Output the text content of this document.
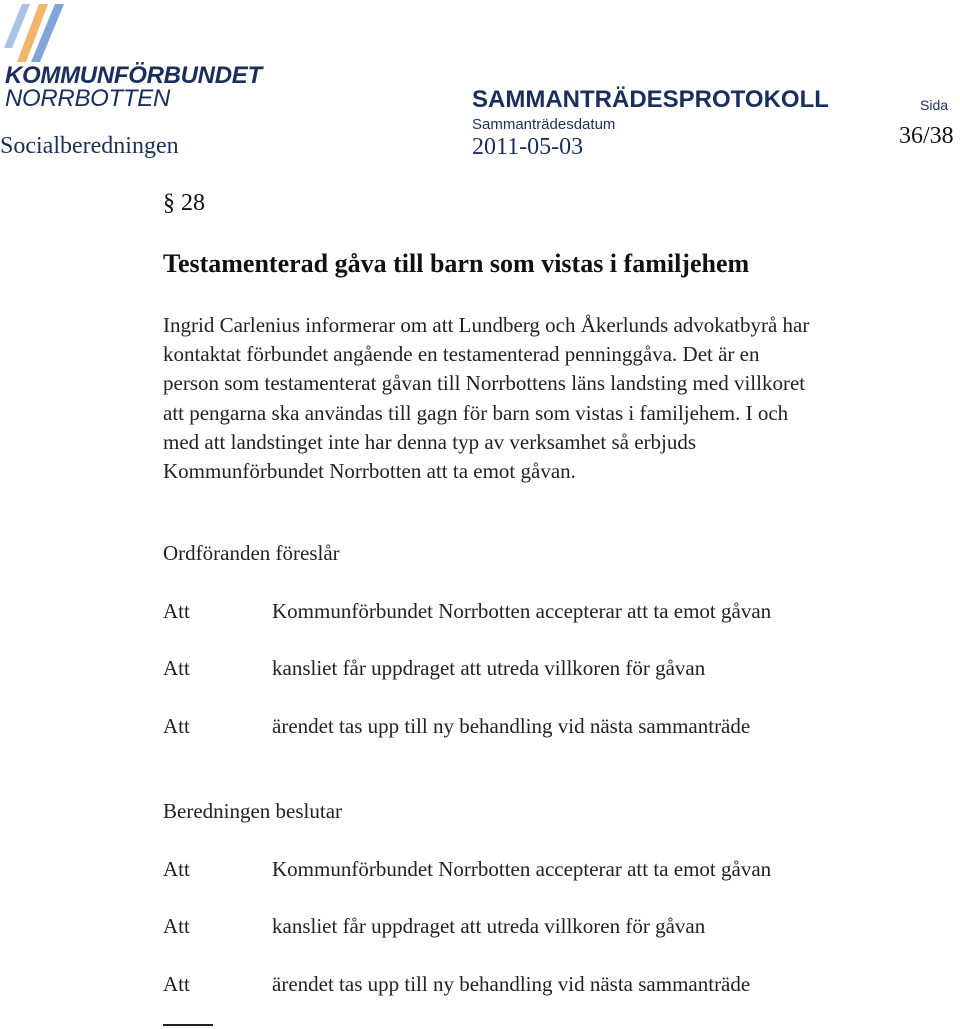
KOMMUNFÖRBUNDET
NORRBOTTEN	SAMMANTRÄDESPROTOKOLL	Sida
Sammanträdesdatum
Socialberedningen	2011-05-03	36/38
§ 28
Testamenterad gåva till barn som vistas i familjehem
Ingrid Carlenius informerar om att Lundberg och Åkerlunds advokatbyrå har
kontaktat förbundet angående en testamenterad penninggåva. Det är en
person som testamenterat gåvan till Norrbottens läns landsting med villkoret
att pengarna ska användas till gagn för barn som vistas i familjehem. I och
med att landstinget inte har denna typ av verksamhet så erbjuds
Kommunförbundet Norrbotten att ta emot gåvan.
Ordföranden föreslår
Att	Kommunförbundet Norrbotten accepterar att ta emot gåvan
Att	kansliet får uppdraget att utreda villkoren för gåvan
Att	ärendet tas upp till ny behandling vid nästa sammanträde
Beredningen beslutar
Att	Kommunförbundet Norrbotten accepterar att ta emot gåvan
Att	kansliet får uppdraget att utreda villkoren för gåvan
Att	ärendet tas upp till ny behandling vid nästa sammanträde
